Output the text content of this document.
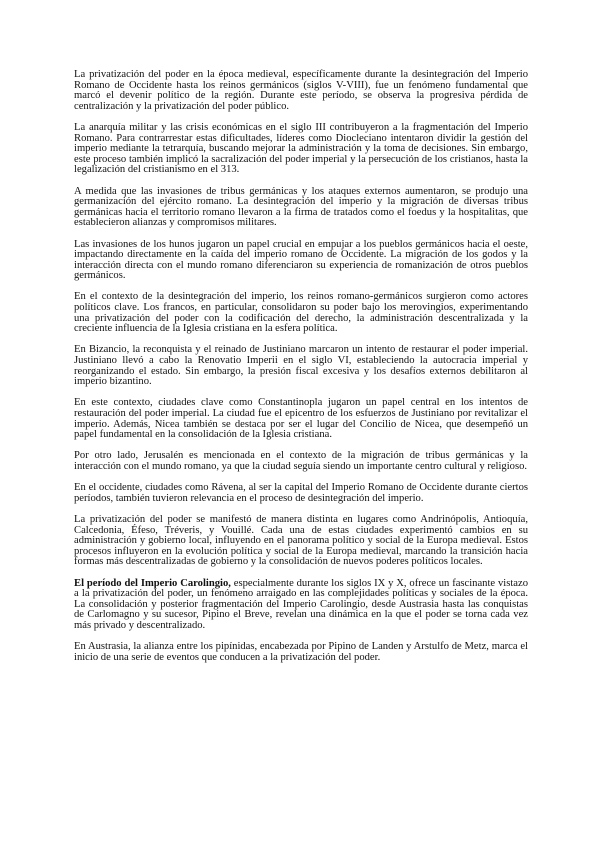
La privatización del poder en la época medieval, específicamente durante la desintegración del Imperio Romano de Occidente hasta los reinos germánicos (siglos V-VIII), fue un fenómeno fundamental que marcó el devenir político de la región. Durante este período, se observa la progresiva pérdida de centralización y la privatización del poder público.

La anarquía militar y las crisis económicas en el siglo III contribuyeron a la fragmentación del Imperio Romano. Para contrarrestar estas dificultades, líderes como Diocleciano intentaron dividir la gestión del imperio mediante la tetrarquía, buscando mejorar la administración y la toma de decisiones. Sin embargo, este proceso también implicó la sacralización del poder imperial y la persecución de los cristianos, hasta la legalización del cristianismo en el 313.

A medida que las invasiones de tribus germánicas y los ataques externos aumentaron, se produjo una germanización del ejército romano. La desintegración del imperio y la migración de diversas tribus germánicas hacia el territorio romano llevaron a la firma de tratados como el foedus y la hospitalitas, que establecieron alianzas y compromisos militares.

Las invasiones de los hunos jugaron un papel crucial en empujar a los pueblos germánicos hacia el oeste, impactando directamente en la caída del imperio romano de Occidente. La migración de los godos y la interacción directa con el mundo romano diferenciaron su experiencia de romanización de otros pueblos germánicos.

En el contexto de la desintegración del imperio, los reinos romano-germánicos surgieron como actores políticos clave. Los francos, en particular, consolidaron su poder bajo los merovingios, experimentando una privatización del poder con la codificación del derecho, la administración descentralizada y la creciente influencia de la Iglesia cristiana en la esfera política.

En Bizancio, la reconquista y el reinado de Justiniano marcaron un intento de restaurar el poder imperial. Justiniano llevó a cabo la Renovatio Imperii en el siglo VI, estableciendo la autocracia imperial y reorganizando el estado. Sin embargo, la presión fiscal excesiva y los desafíos externos debilitaron al imperio bizantino.

En este contexto, ciudades clave como Constantinopla jugaron un papel central en los intentos de restauración del poder imperial. La ciudad fue el epicentro de los esfuerzos de Justiniano por revitalizar el imperio. Además, Nicea también se destaca por ser el lugar del Concilio de Nicea, que desempeñó un papel fundamental en la consolidación de la Iglesia cristiana.

Por otro lado, Jerusalén es mencionada en el contexto de la migración de tribus germánicas y la interacción con el mundo romano, ya que la ciudad seguía siendo un importante centro cultural y religioso.

En el occidente, ciudades como Rávena, al ser la capital del Imperio Romano de Occidente durante ciertos períodos, también tuvieron relevancia en el proceso de desintegración del imperio.

La privatización del poder se manifestó de manera distinta en lugares como Andrinópolis, Antioquía, Calcedonia, Éfeso, Tréveris, y Vouillé. Cada una de estas ciudades experimentó cambios en su administración y gobierno local, influyendo en el panorama político y social de la Europa medieval. Estos procesos influyeron en la evolución política y social de la Europa medieval, marcando la transición hacia formas más descentralizadas de gobierno y la consolidación de nuevos poderes políticos locales.

El período del Imperio Carolingio, especialmente durante los siglos IX y X, ofrece un fascinante vistazo a la privatización del poder, un fenómeno arraigado en las complejidades políticas y sociales de la época. La consolidación y posterior fragmentación del Imperio Carolingio, desde Austrasia hasta las conquistas de Carlomagno y su sucesor, Pipino el Breve, revelan una dinámica en la que el poder se torna cada vez más privado y descentralizado.

En Austrasia, la alianza entre los pipínidas, encabezada por Pipino de Landen y Arstulfo de Metz, marca el inicio de una serie de eventos que conducen a la privatización del poder.
